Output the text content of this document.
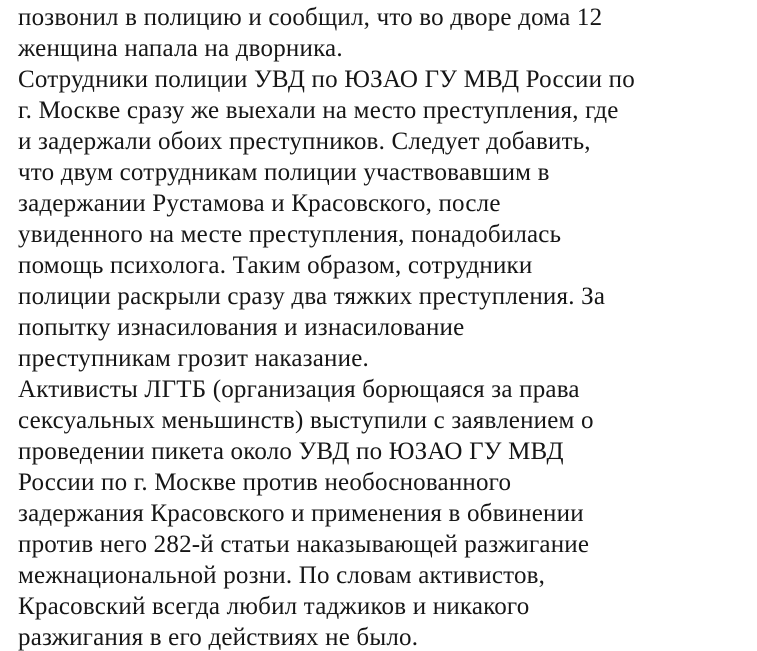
позвонил в полицию и сообщил, что во дворе дома 12
женщина напала на дворника.
Сотрудники полиции УВД по ЮЗАО ГУ МВД России по
г. Москве сразу же выехали на место преступления, где
и задержали обоих преступников. Следует добавить,
что двум сотрудникам полиции участвовавшим в
задержании Рустамова и Красовского, после
увиденного на месте преступления, понадобилась
помощь психолога. Таким образом, сотрудники
полиции раскрыли сразу два тяжких преступления. За
попытку изнасилования и изнасилование
преступникам грозит наказание.
Активисты ЛГТБ (организация борющаяся за права
сексуальных меньшинств) выступили с заявлением о
проведении пикета около УВД по ЮЗАО ГУ МВД
России по г. Москве против необоснованного
задержания Красовского и применения в обвинении
против него 282-й статьи наказывающей разжигание
межнациональной розни. По словам активистов,
Красовский всегда любил таджиков и никакого
разжигания в его действиях не было.
